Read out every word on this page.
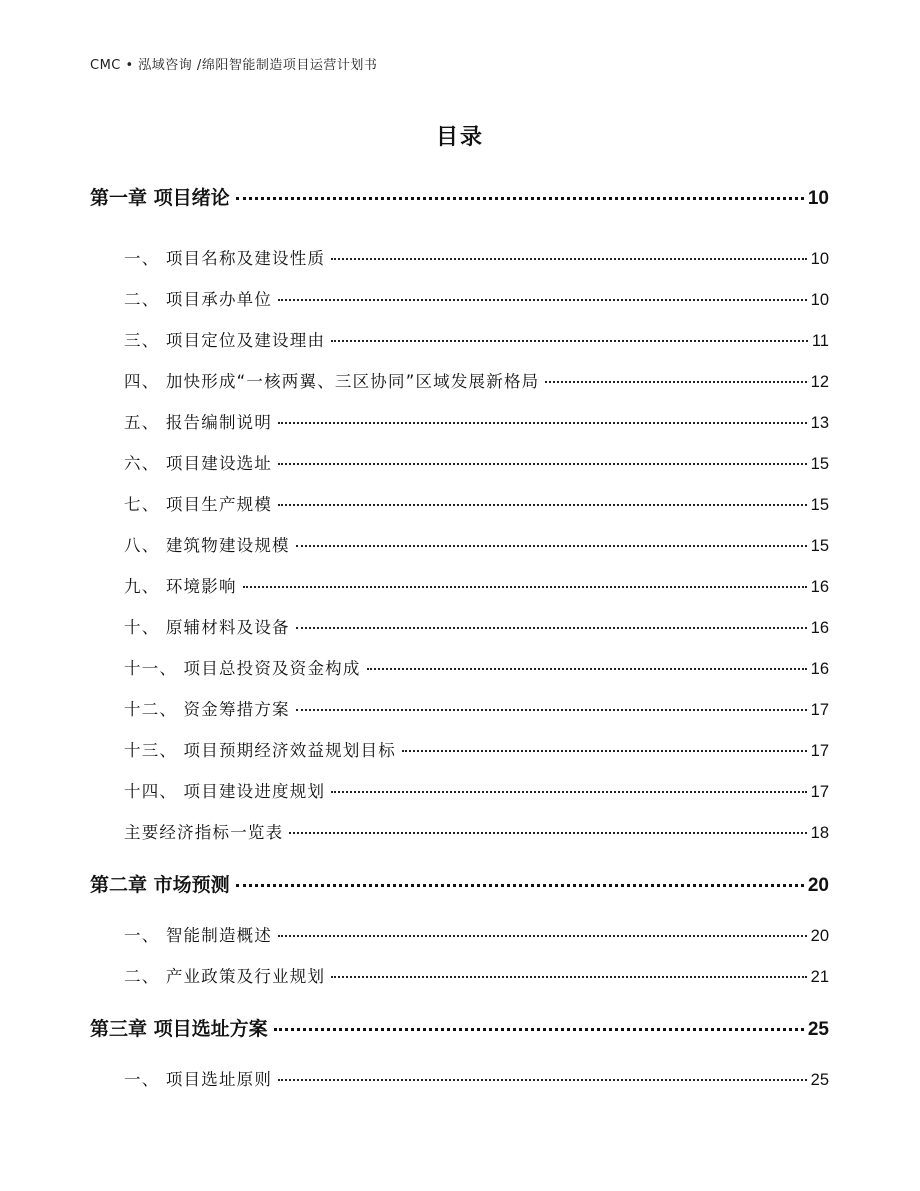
CMC • 泓域咨询 /绵阳智能制造项目运营计划书
目录
第一章 项目绪论	10
一、 项目名称及建设性质	10
二、 项目承办单位	10
三、 项目定位及建设理由	11
四、 加快形成“一核两翼、三区协同”区域发展新格局	12
五、 报告编制说明	13
六、 项目建设选址	15
七、 项目生产规模	15
八、 建筑物建设规模	15
九、 环境影响	16
十、 原辅材料及设备	16
十一、 项目总投资及资金构成	16
十二、 资金筹措方案	17
十三、 项目预期经济效益规划目标	17
十四、 项目建设进度规划	17
主要经济指标一览表	18
第二章 市场预测	20
一、 智能制造概述	20
二、 产业政策及行业规划	21
第三章 项目选址方案	25
一、 项目选址原则	25
